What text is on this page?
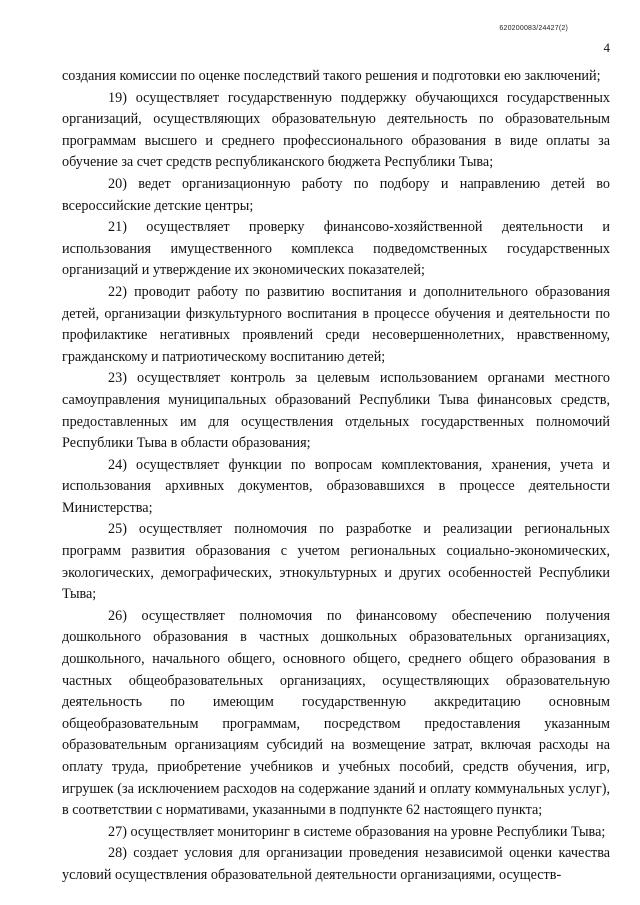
620200083/24427(2)
4

создания комиссии по оценке последствий такого решения и подготовки ею заключений;

19) осуществляет государственную поддержку обучающихся государственных организаций, осуществляющих образовательную деятельность по образовательным программам высшего и среднего профессионального образования в виде оплаты за обучение за счет средств республиканского бюджета Республики Тыва;

20) ведет организационную работу по подбору и направлению детей во всероссийские детские центры;

21) осуществляет проверку финансово-хозяйственной деятельности и использования имущественного комплекса подведомственных государственных организаций и утверждение их экономических показателей;

22) проводит работу по развитию воспитания и дополнительного образования детей, организации физкультурного воспитания в процессе обучения и деятельности по профилактике негативных проявлений среди несовершеннолетних, нравственному, гражданскому и патриотическому воспитанию детей;

23) осуществляет контроль за целевым использованием органами местного самоуправления муниципальных образований Республики Тыва финансовых средств, предоставленных им для осуществления отдельных государственных полномочий Республики Тыва в области образования;

24) осуществляет функции по вопросам комплектования, хранения, учета и использования архивных документов, образовавшихся в процессе деятельности Министерства;

25) осуществляет полномочия по разработке и реализации региональных программ развития образования с учетом региональных социально-экономических, экологических, демографических, этнокультурных и других особенностей Республики Тыва;

26) осуществляет полномочия по финансовому обеспечению получения дошкольного образования в частных дошкольных образовательных организациях, дошкольного, начального общего, основного общего, среднего общего образования в частных общеобразовательных организациях, осуществляющих образовательную деятельность по имеющим государственную аккредитацию основным общеобразовательным программам, посредством предоставления указанным образовательным организациям субсидий на возмещение затрат, включая расходы на оплату труда, приобретение учебников и учебных пособий, средств обучения, игр, игрушек (за исключением расходов на содержание зданий и оплату коммунальных услуг), в соответствии с нормативами, указанными в подпункте 62 настоящего пункта;

27) осуществляет мониторинг в системе образования на уровне Республики Тыва;

28) создает условия для организации проведения независимой оценки качества условий осуществления образовательной деятельности организациями, осуществ-
